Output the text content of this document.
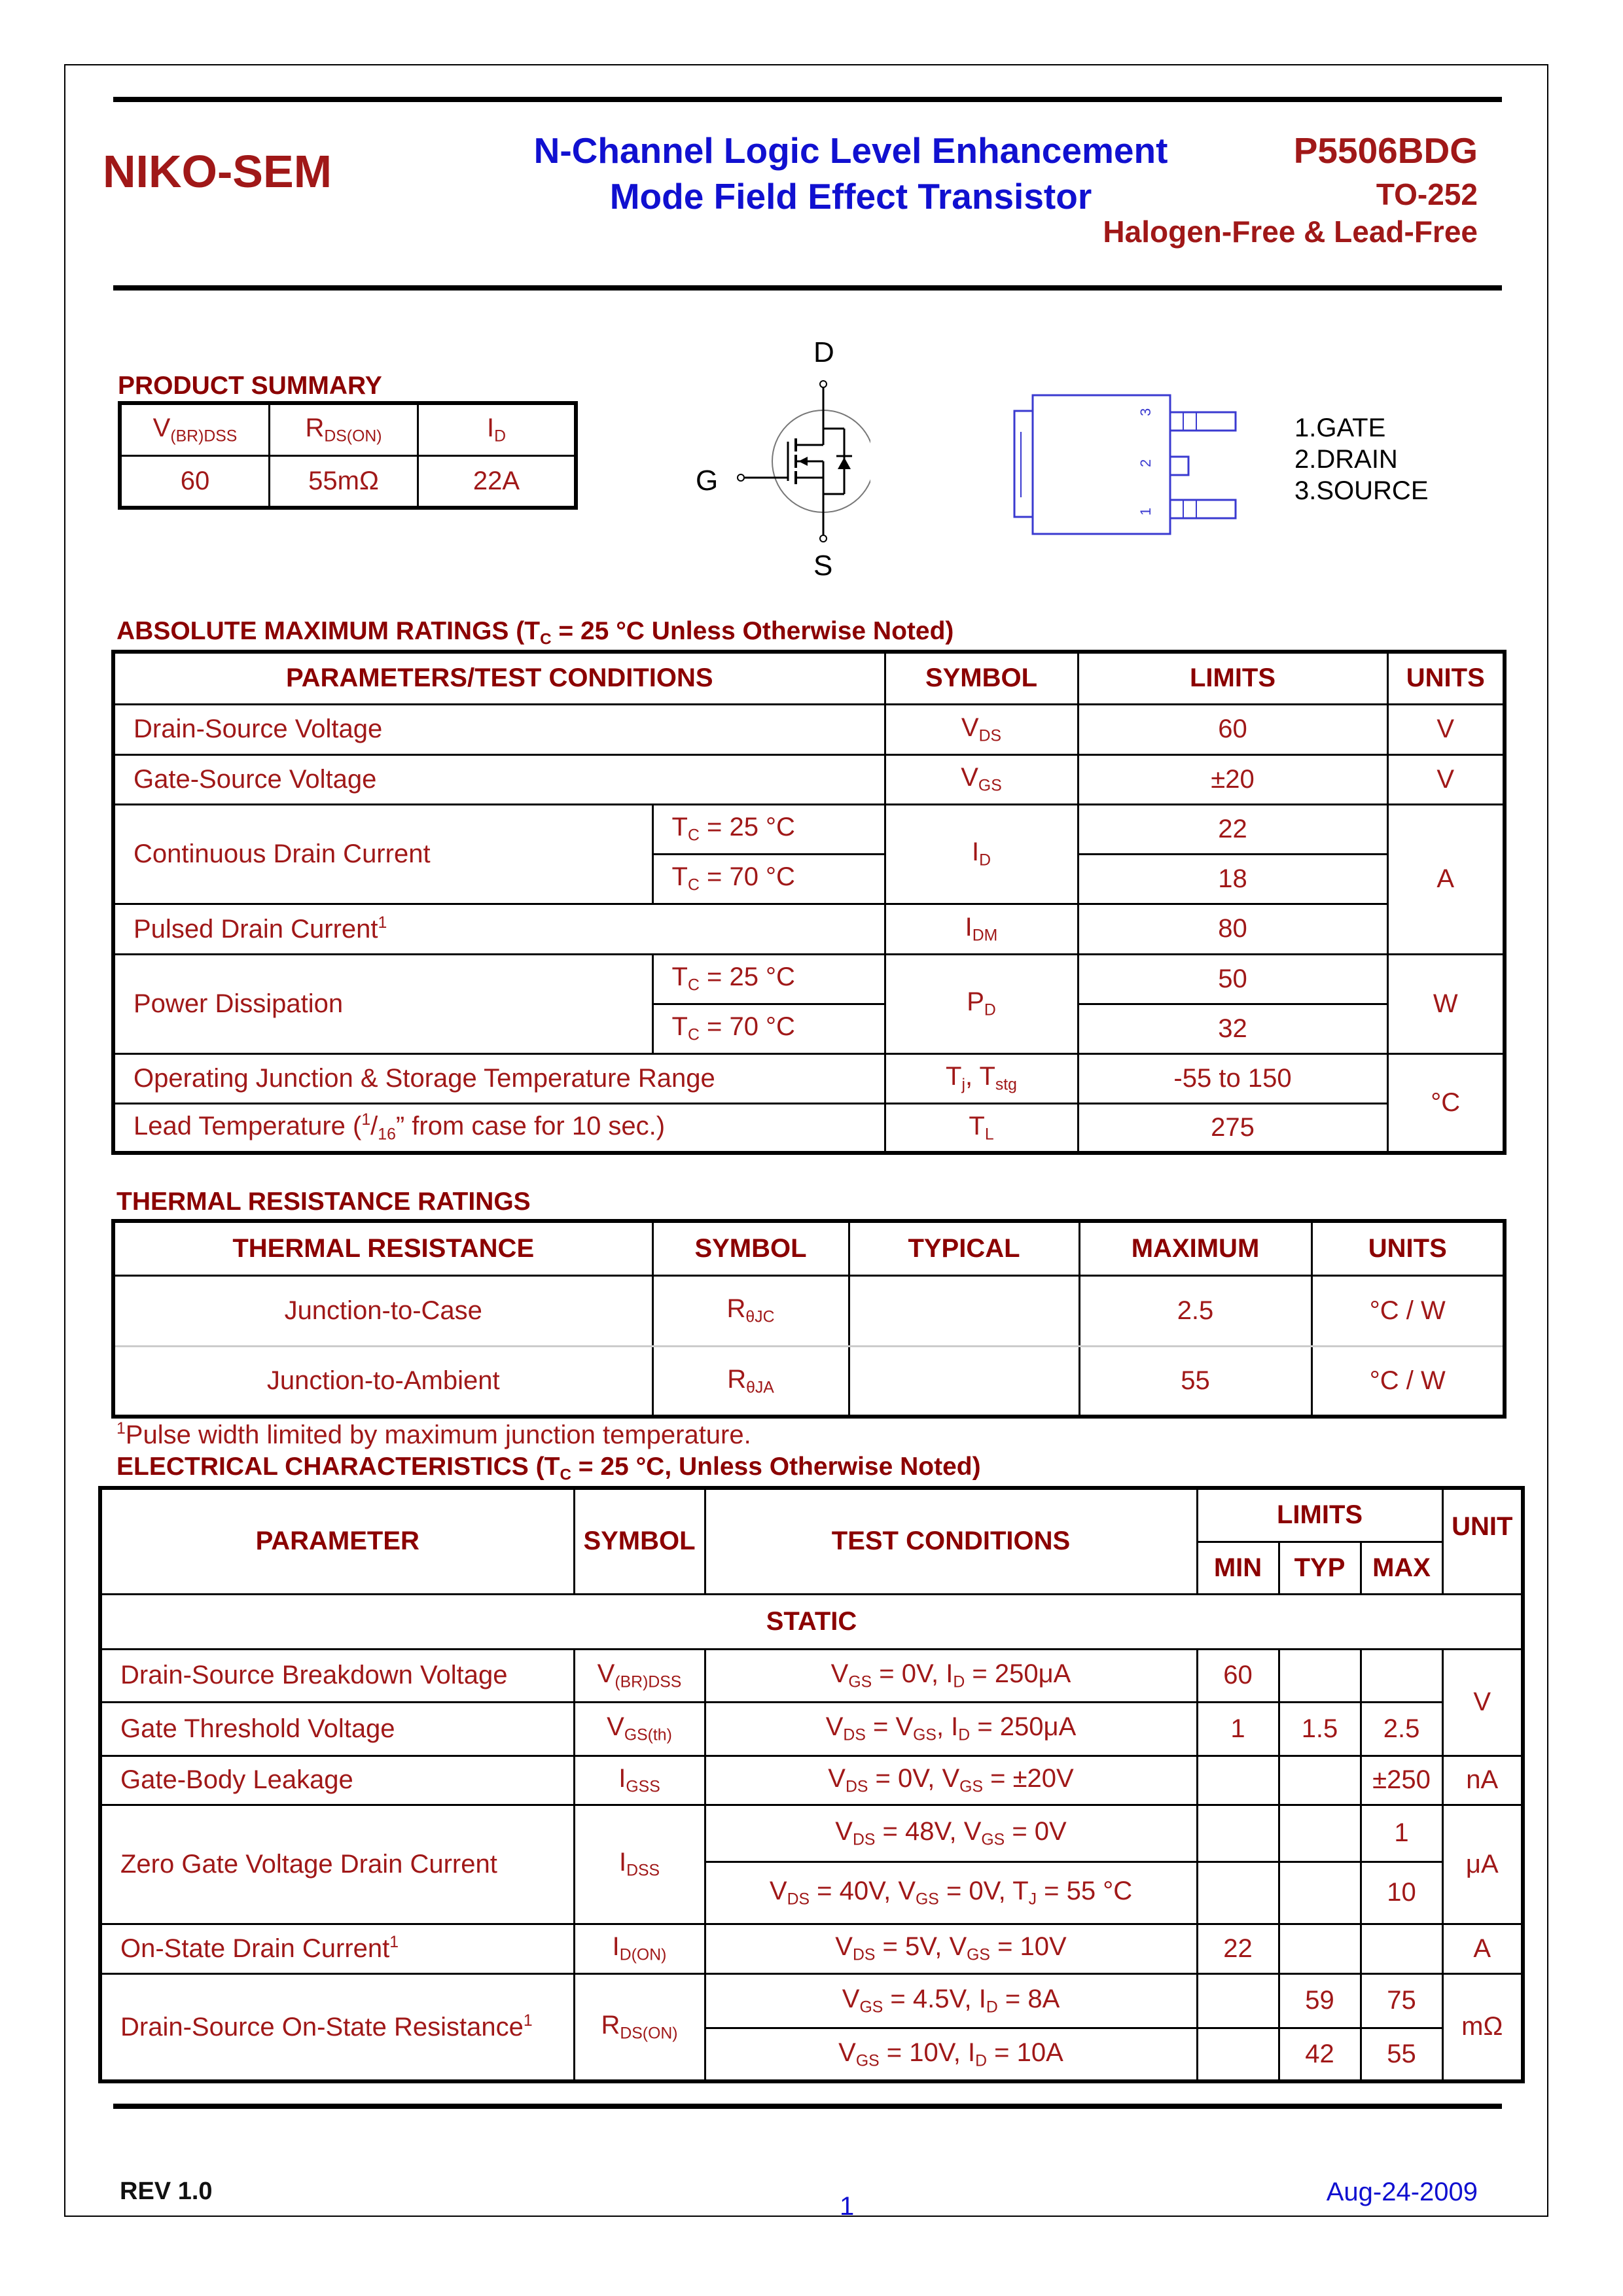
NIKO-SEM	N-Channel Logic Level Enhancement
Mode Field Effect Transistor
P5506BDG
TO-252
Halogen-Free & Lead-Free
PRODUCT SUMMARY
$V_{(BR)DSS}$	$R_{DS(ON)}$	$I_D$
60	55mΩ	22A
D
G
S
3
2
1
1.GATE
2.DRAIN
3.SOURCE
ABSOLUTE MAXIMUM RATINGS ($T_C = 25$ °C Unless Otherwise Noted)
PARAMETERS/TEST CONDITIONS		SYMBOL	LIMITS	UNITS
Drain-Source Voltage		$V_{DS}$	60	V
Gate-Source Voltage		$V_{GS}$	±20	V
Continuous Drain Current	$T_C = 25$ °C	$I_D$	22	A
	$T_C = 70$ °C		18	
Pulsed Drain Current$^1$		$I_{DM}$	80	
Power Dissipation	$T_C = 25$ °C	$P_D$	50	W
	$T_C = 70$ °C		32	
Operating Junction & Storage Temperature Range		$T_j$, $T_{stg}$	-55 to 150	°C
Lead Temperature ($^1/_{16}$” from case for 10 sec.)		$T_L$	275	
THERMAL RESISTANCE RATINGS
THERMAL RESISTANCE	SYMBOL	TYPICAL	MAXIMUM	UNITS
Junction-to-Case	$R_{\theta JC}$		2.5	°C / W
Junction-to-Ambient	$R_{\theta JA}$		55	°C / W
$^1$Pulse width limited by maximum junction temperature.
ELECTRICAL CHARACTERISTICS ($T_C = 25$ °C, Unless Otherwise Noted)
PARAMETER	SYMBOL	TEST CONDITIONS	LIMITS			UNIT
			MIN	TYP	MAX	
STATIC						
Drain-Source Breakdown Voltage	$V_{(BR)DSS}$	$V_{GS} = 0V$, $I_D = 250\mu A$	60			V
Gate Threshold Voltage	$V_{GS(th)}$	$V_{DS} = V_{GS}$, $I_D = 250\mu A$	1	1.5	2.5	
Gate-Body Leakage	$I_{GSS}$	$V_{DS} = 0V$, $V_{GS} = \pm 20V$			±250	nA
Zero Gate Voltage Drain Current	$I_{DSS}$	$V_{DS} = 48V$, $V_{GS} = 0V$			1	μA
		$V_{DS} = 40V$, $V_{GS} = 0V$, $T_J = 55$ °C			10	
On-State Drain Current$^1$	$I_{D(ON)}$	$V_{DS} = 5V$, $V_{GS} = 10V$	22			A
Drain-Source On-State Resistance$^1$	$R_{DS(ON)}$	$V_{GS} = 4.5V$, $I_D = 8A$		59	75	mΩ
		$V_{GS} = 10V$, $I_D = 10A$		42	55	
REV 1.0
1	Aug-24-2009
